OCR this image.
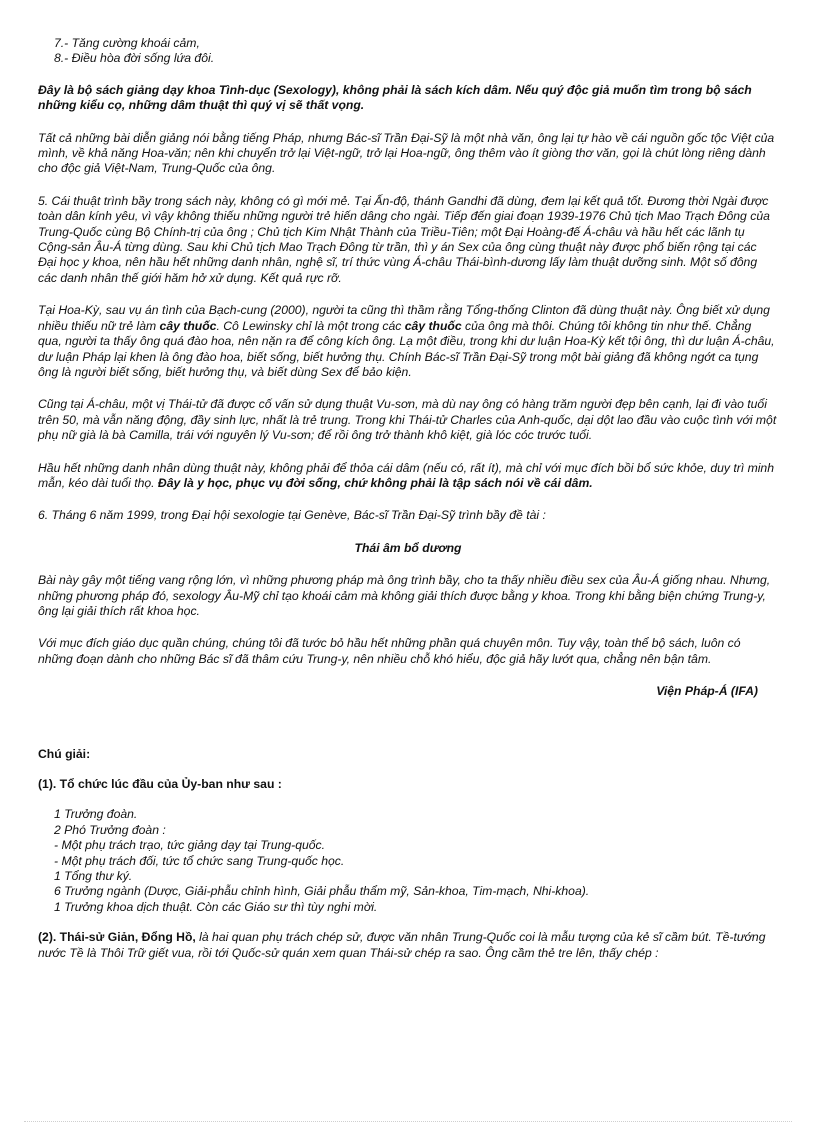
7.- Tăng cường khoái cảm,
8.- Điều hòa đời sống lứa đôi.

Đây là bộ sách giảng dạy khoa Tình-dục (Sexology), không phải là sách kích dâm. Nếu quý độc giả muốn tìm trong bộ sách những kiểu cọ, những dâm thuật thì quý vị sẽ thất vọng.

Tất cả những bài diễn giảng nói bằng tiếng Pháp, nhưng Bác-sĩ Trần Đại-Sỹ là một nhà văn, ông lại tự hào về cái nguồn gốc tộc Việt của mình, về khả năng Hoa-văn; nên khi chuyển trở lại Việt-ngữ, trở lại Hoa-ngữ, ông thêm vào ít giòng thơ văn, gọi là chút lòng riêng dành cho độc giả Việt-Nam, Trung-Quốc của ông.

5. Cái thuật trình bầy trong sách này, không có gì mới mẻ. Tại Ấn-độ, thánh Gandhi đã dùng, đem lại kết quả tốt. Đương thời Ngài được toàn dân kính yêu, vì vậy không thiếu những người trẻ hiến dâng cho ngài. Tiếp đến giai đoạn 1939-1976 Chủ tịch Mao Trạch Đông của Trung-Quốc cùng Bộ Chính-trị của ông ; Chủ tịch Kim Nhật Thành của Triều-Tiên; một Đại Hoàng-đế Á-châu và hầu hết các lãnh tụ Cộng-sản Âu-Á từng dùng. Sau khi Chủ tịch Mao Trạch Đông từ trần, thì y án Sex của ông cùng thuật này được phổ biến rộng tại các Đại học y khoa, nên hầu hết những danh nhân, nghệ sĩ, trí thức vùng Á-châu Thái-bình-dương lấy làm thuật dưỡng sinh. Một số đông các danh nhân thế giới hăm hở xử dụng. Kết quả rực rỡ.

Tại Hoa-Kỳ, sau vụ án tình của Bạch-cung (2000), người ta cũng thì thầm rằng Tổng-thống Clinton đã dùng thuật này. Ông biết xử dụng nhiều thiếu nữ trẻ làm cây thuốc. Cô Lewinsky chỉ là một trong các cây thuốc của ông mà thôi. Chúng tôi không tin như thế. Chẳng qua, người ta thấy ông quá đào hoa, nên nặn ra để công kích ông. Lạ một điều, trong khi dư luận Hoa-Kỳ kết tội ông, thì dư luận Á-châu, dư luận Pháp lại khen là ông đào hoa, biết sống, biết hưởng thụ. Chính Bác-sĩ Trần Đại-Sỹ trong một bài giảng đã không ngớt ca tụng ông là người biết sống, biết hưởng thụ, và biết dùng Sex để bảo kiện.

Cũng tại Á-châu, một vị Thái-tử đã được cố vấn sử dụng thuật Vu-sơn, mà dù nay ông có hàng trăm người đẹp bên cạnh, lại đi vào tuổi trên 50, mà vẫn năng động, đầy sinh lực, nhất là trẻ trung. Trong khi Thái-tử Charles của Anh-quốc, dại dột lao đầu vào cuộc tình với một phụ nữ già là bà Camilla, trái với nguyên lý Vu-sơn; để rồi ông trở thành khô kiệt, già lóc cóc trước tuổi.

Hầu hết những danh nhân dùng thuật này, không phải để thỏa cái dâm (nếu có, rất ít), mà chỉ với mục đích bồi bổ sức khỏe, duy trì minh mẫn, kéo dài tuổi thọ. Đây là y học, phục vụ đời sống, chứ không phải là tập sách nói về cái dâm.

6. Tháng 6 năm 1999, trong Đại hội sexologie tại Genève, Bác-sĩ Trần Đại-Sỹ trình bầy đề tài :

Thái âm bổ dương

Bài này gây một tiếng vang rộng lớn, vì những phương pháp mà ông trình bầy, cho ta thấy nhiều điều sex của Âu-Á giống nhau. Nhưng, những phương pháp đó, sexology Âu-Mỹ chỉ tạo khoái cảm mà không giải thích được bằng y khoa. Trong khi bằng biện chứng Trung-y, ông lại giải thích rất khoa học.

Với mục đích giáo dục quần chúng, chúng tôi đã tước bỏ hầu hết những phần quá chuyên môn. Tuy vậy, toàn thể bộ sách, luôn có những đoạn dành cho những Bác sĩ đã thâm cứu Trung-y, nên nhiều chỗ khó hiểu, độc giả hãy lướt qua, chẳng nên bận tâm.

Viện Pháp-Á (IFA)

Chú giải:

(1). Tổ chức lúc đầu của Ủy-ban như sau :

1 Trưởng đoàn.
2 Phó Trưởng đoàn :
- Một phụ trách trạo, tức giảng dạy tại Trung-quốc.
- Một phụ trách đối, tức tổ chức sang Trung-quốc học.
1 Tổng thư ký.
6 Trưởng ngành (Dược, Giải-phẫu chỉnh hình, Giải phẫu thẩm mỹ, Sản-khoa, Tim-mạch, Nhi-khoa).
1 Trưởng khoa dịch thuật. Còn các Giáo sư thì tùy nghi mời.

(2). Thái-sử Giản, Đổng Hồ, là hai quan phụ trách chép sử, được văn nhân Trung-Quốc coi là mẫu tượng của kẻ sĩ cầm bút. Tề-tướng nước Tề là Thôi Trữ giết vua, rồi tới Quốc-sử quán xem quan Thái-sử chép ra sao. Ông cầm thẻ tre lên, thấy chép :
